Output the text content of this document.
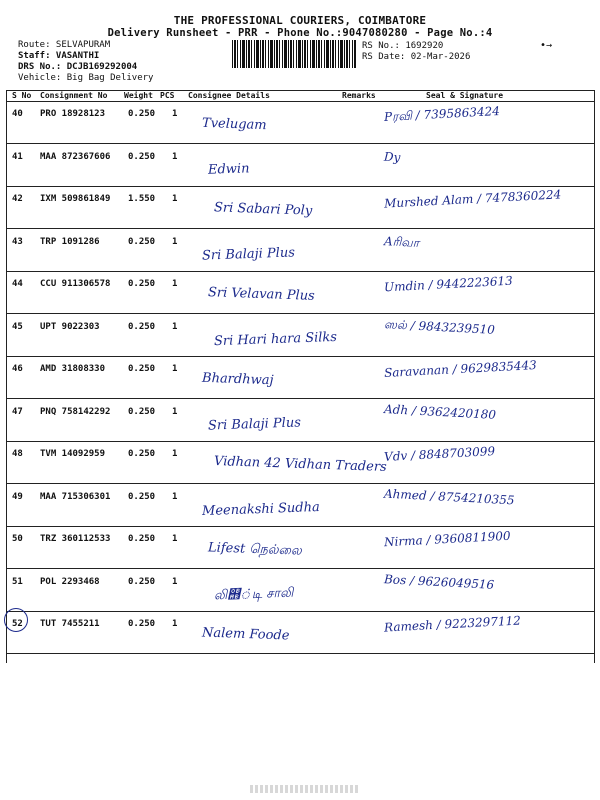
THE PROFESSIONAL COURIERS, COIMBATORE
Delivery Runsheet - PRR - Phone No.:9047080280 - Page No.:4
Route: SELVAPURAM
Staff: VASANTHI
DRS No.: DCJB169292004
Vehicle: Big Bag Delivery
RS No.: 1692920
RS Date: 02-Mar-2026
•→
S No Consignment No Weight PCS Consignee Details	Remarks	Seal & Signature
40 PRO 18928123	0.250 1
Tvelugam
Pரவி / 7395863424
41 MAA 872367606 0.250 1
Edwin
Dy
42 IXM 509861849 1.550 1
Sri Sabari Poly	Murshed Alam / 7478360224
43 TRP 1091286	0.250 1
Sri Balaji Plus
Aரிவா
44 CCU 911306578 0.250 1
Sri Velavan Plus
Umdin / 9442223613
45 UPT 9022303	0.250 1
Sri Hari hara Silks
ஸல் / 9843239510
46 AMD 31808330	0.250 1
Bhardhwaj	Saravanan / 9629835443
47 PNQ 758142292 0.250 1
Sri Balaji Plus
Adh / 9362420180
48 TVM 14092959	0.250 1	Vidhan 42 Vidhan Traders
Vdv / 8848703099
49 MAA 715306301 0.250 1
Meenakshi Sudha
Ahmed / 8754210355
50 TRZ 360112533 0.250 1
Lifest நெல்லை
Nirma / 9360811900
51 POL 2293468	0.250 1
லி஫்டி சாலி
Bos / 9626049516
52 TUT 7455211	0.250 1
Nalem Foode	Ramesh / 9223297112
